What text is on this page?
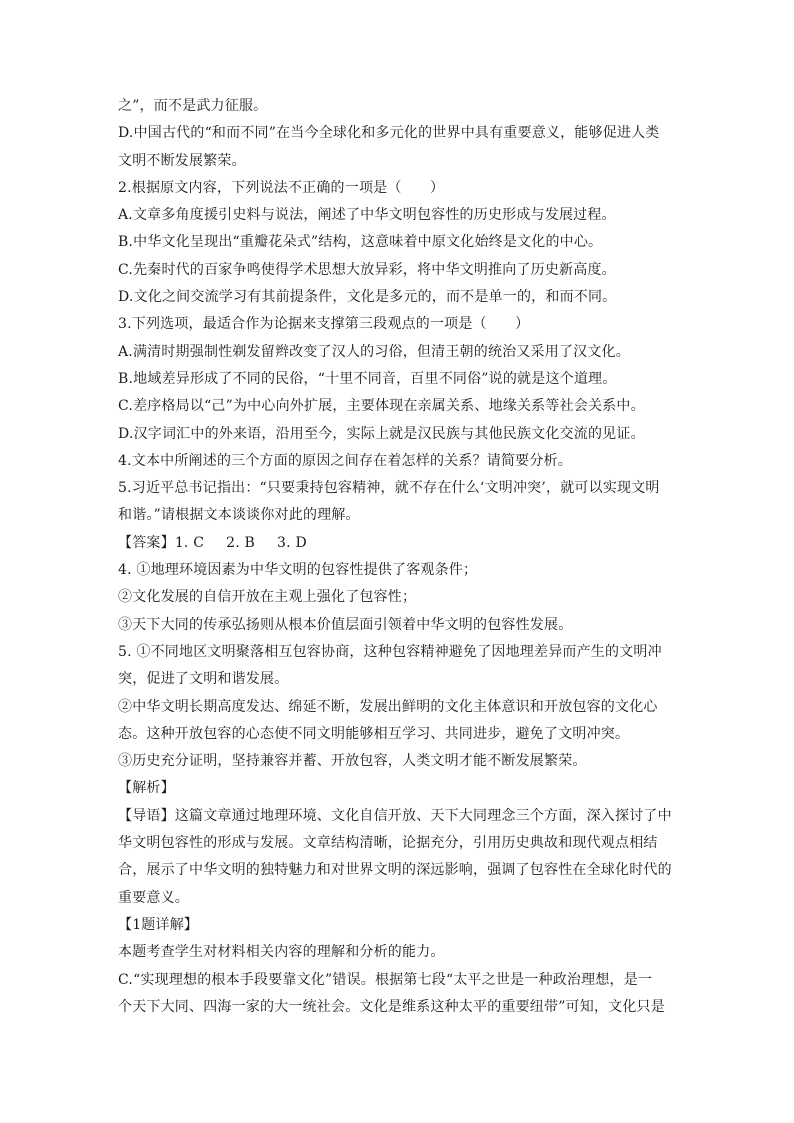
之”，而不是武力征服。
D.中国古代的“和而不同”在当今全球化和多元化的世界中具有重要意义，能够促进人类
文明不断发展繁荣。
2.根据原文内容，下列说法不正确的一项是（　　）
A.文章多角度援引史料与说法，阐述了中华文明包容性的历史形成与发展过程。
B.中华文化呈现出“重瓣花朵式”结构，这意味着中原文化始终是文化的中心。
C.先秦时代的百家争鸣使得学术思想大放异彩，将中华文明推向了历史新高度。
D.文化之间交流学习有其前提条件，文化是多元的，而不是单一的，和而不同。
3.下列选项，最适合作为论据来支撑第三段观点的一项是（　　）
A.满清时期强制性剃发留辫改变了汉人的习俗，但清王朝的统治又采用了汉文化。
B.地域差异形成了不同的民俗，“十里不同音，百里不同俗”说的就是这个道理。
C.差序格局以“己”为中心向外扩展，主要体现在亲属关系、地缘关系等社会关系中。
D.汉字词汇中的外来语，沿用至今，实际上就是汉民族与其他民族文化交流的见证。
4.文本中所阐述的三个方面的原因之间存在着怎样的关系？请简要分析。
5.习近平总书记指出：“只要秉持包容精神，就不存在什么‘文明冲突’，就可以实现文明
和谐。”请根据文本谈谈你对此的理解。
【答案】1. C 2. B 3. D
4. ①地理环境因素为中华文明的包容性提供了客观条件；
②文化发展的自信开放在主观上强化了包容性；
③天下大同的传承弘扬则从根本价值层面引领着中华文明的包容性发展。
5. ①不同地区文明聚落相互包容协商，这种包容精神避免了因地理差异而产生的文明冲
突，促进了文明和谐发展。
②中华文明长期高度发达、绵延不断，发展出鲜明的文化主体意识和开放包容的文化心
态。这种开放包容的心态使不同文明能够相互学习、共同进步，避免了文明冲突。
③历史充分证明，坚持兼容并蓄、开放包容，人类文明才能不断发展繁荣。
【解析】
【导语】这篇文章通过地理环境、文化自信开放、天下大同理念三个方面，深入探讨了中
华文明包容性的形成与发展。文章结构清晰，论据充分，引用历史典故和现代观点相结
合，展示了中华文明的独特魅力和对世界文明的深远影响，强调了包容性在全球化时代的
重要意义。
【1题详解】
本题考查学生对材料相关内容的理解和分析的能力。
C.“实现理想的根本手段要靠文化”错误。根据第七段“太平之世是一种政治理想，是一
个天下大同、四海一家的大一统社会。文化是维系这种太平的重要纽带”可知，文化只是
